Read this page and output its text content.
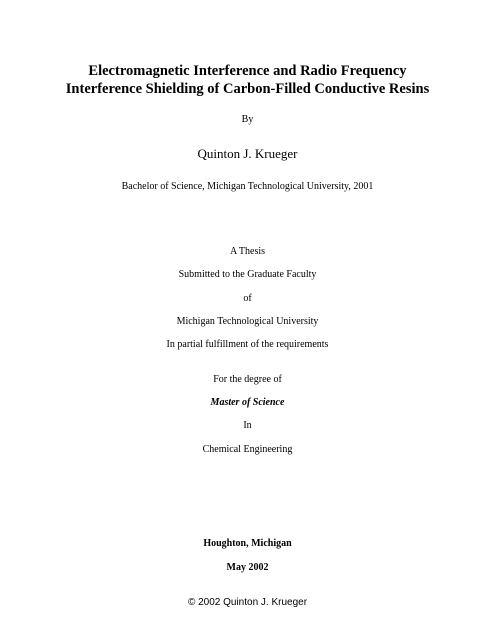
Electromagnetic Interference and Radio Frequency
Interference Shielding of Carbon-Filled Conductive Resins
By
Quinton J. Krueger
Bachelor of Science, Michigan Technological University, 2001
A Thesis
Submitted to the Graduate Faculty
of
Michigan Technological University
In partial fulfillment of the requirements
For the degree of
Master of Science
In
Chemical Engineering
Houghton, Michigan
May 2002
© 2002 Quinton J. Krueger
